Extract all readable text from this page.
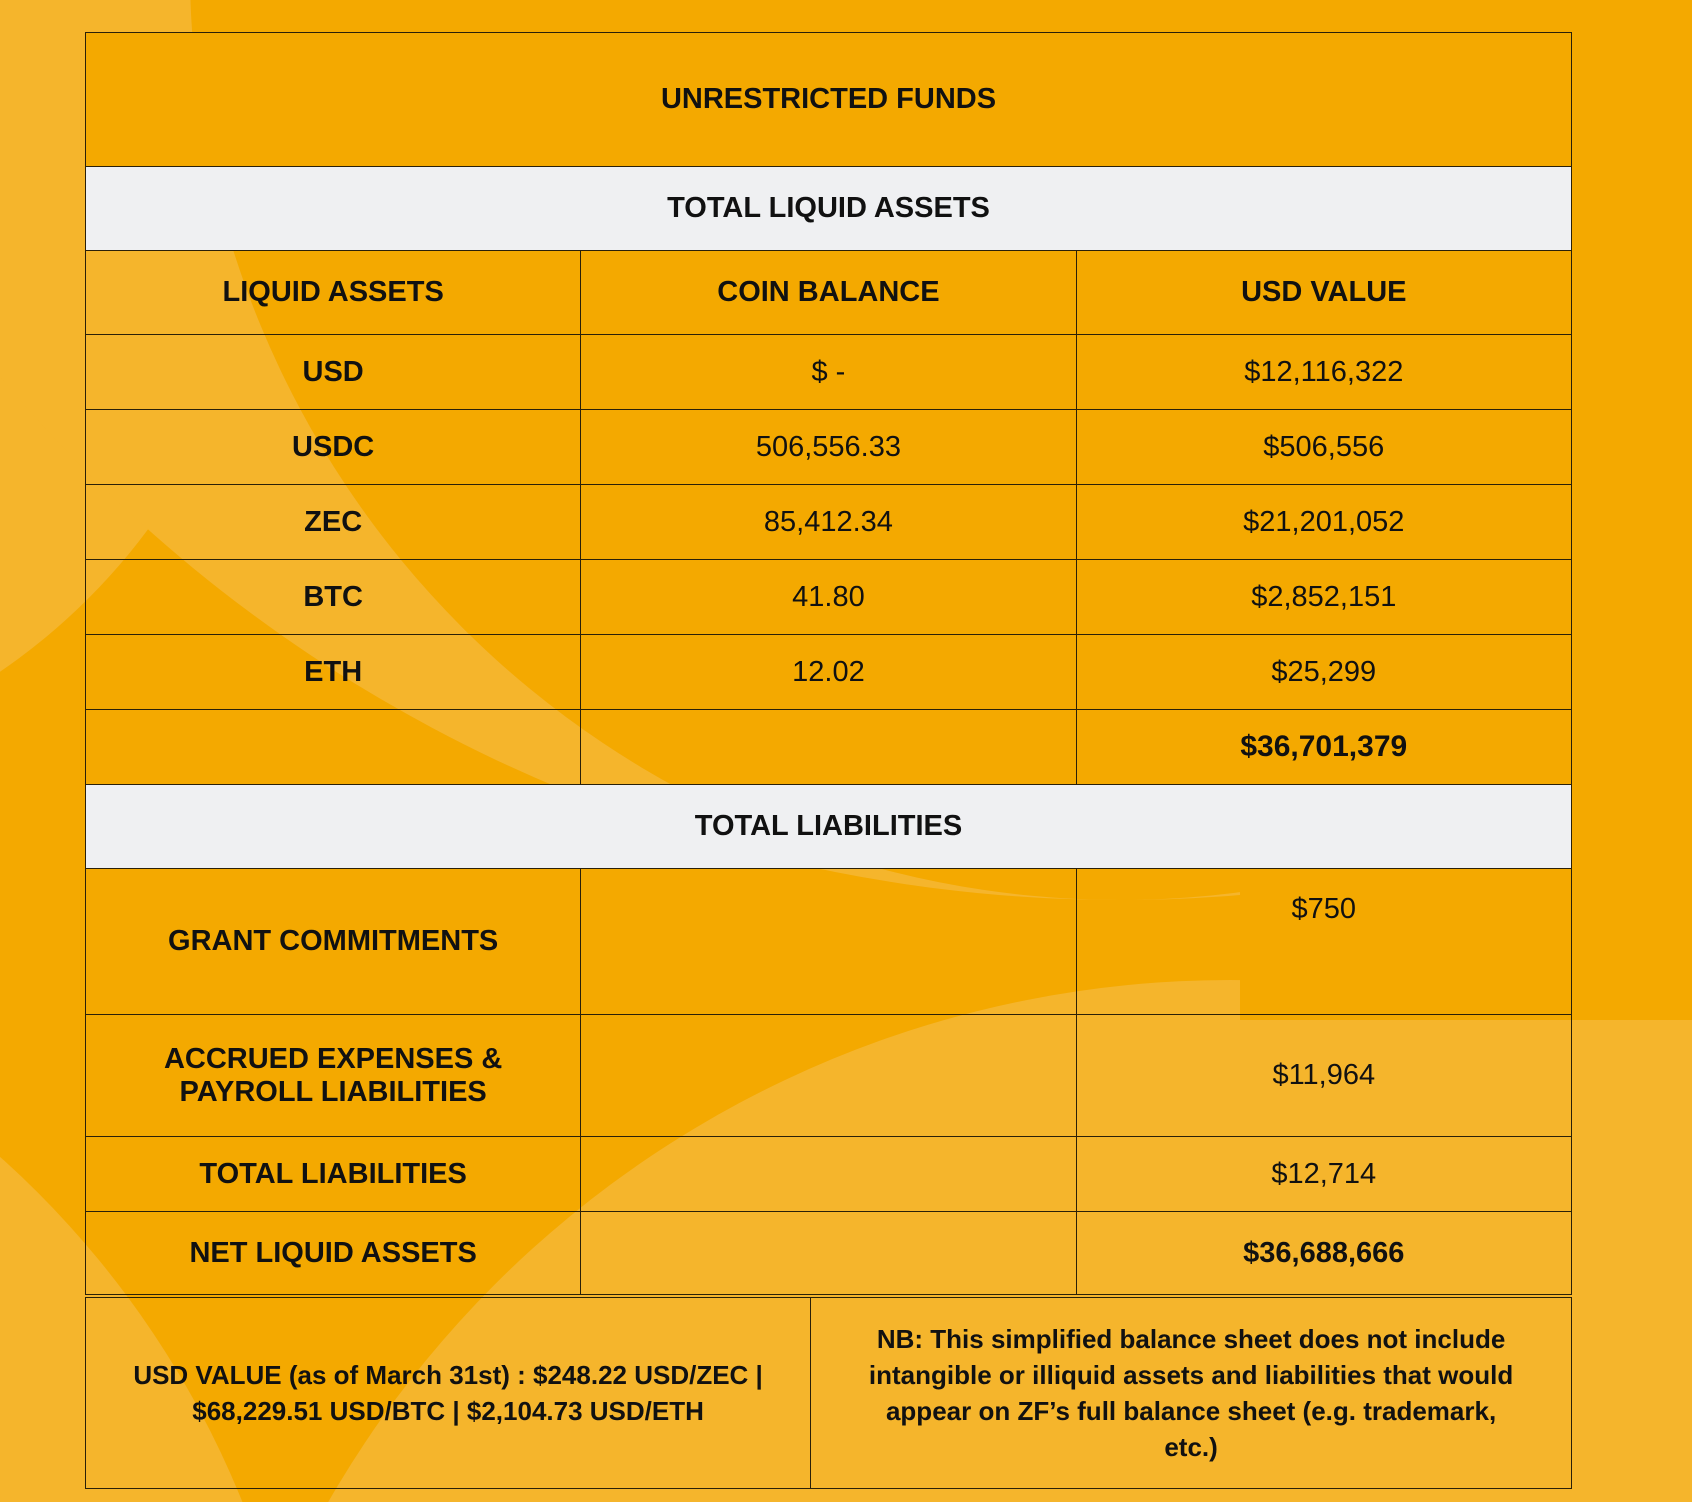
UNRESTRICTED FUNDS		
TOTAL LIQUID ASSETS		
LIQUID ASSETS	COIN BALANCE	USD VALUE
USD	$ -	$12,116,322
USDC	506,556.33	$506,556
ZEC	85,412.34	$21,201,052
BTC	41.80	$2,852,151
ETH	12.02	$25,299
		$36,701,379
TOTAL LIABILITIES		
GRANT COMMITMENTS		$750

ACCRUED EXPENSES &
PAYROLL LIABILITIES		$11,964
TOTAL LIABILITIES		$12,714
NET LIQUID ASSETS		$36,688,666
USD VALUE (as of March 31st) : $248.22 USD/ZEC |
$68,229.51 USD/BTC | $2,104.73 USD/ETH

NB: This simplified balance sheet does not include
intangible or illiquid assets and liabilities that would
appear on ZF’s full balance sheet (e.g. trademark,
etc.)
